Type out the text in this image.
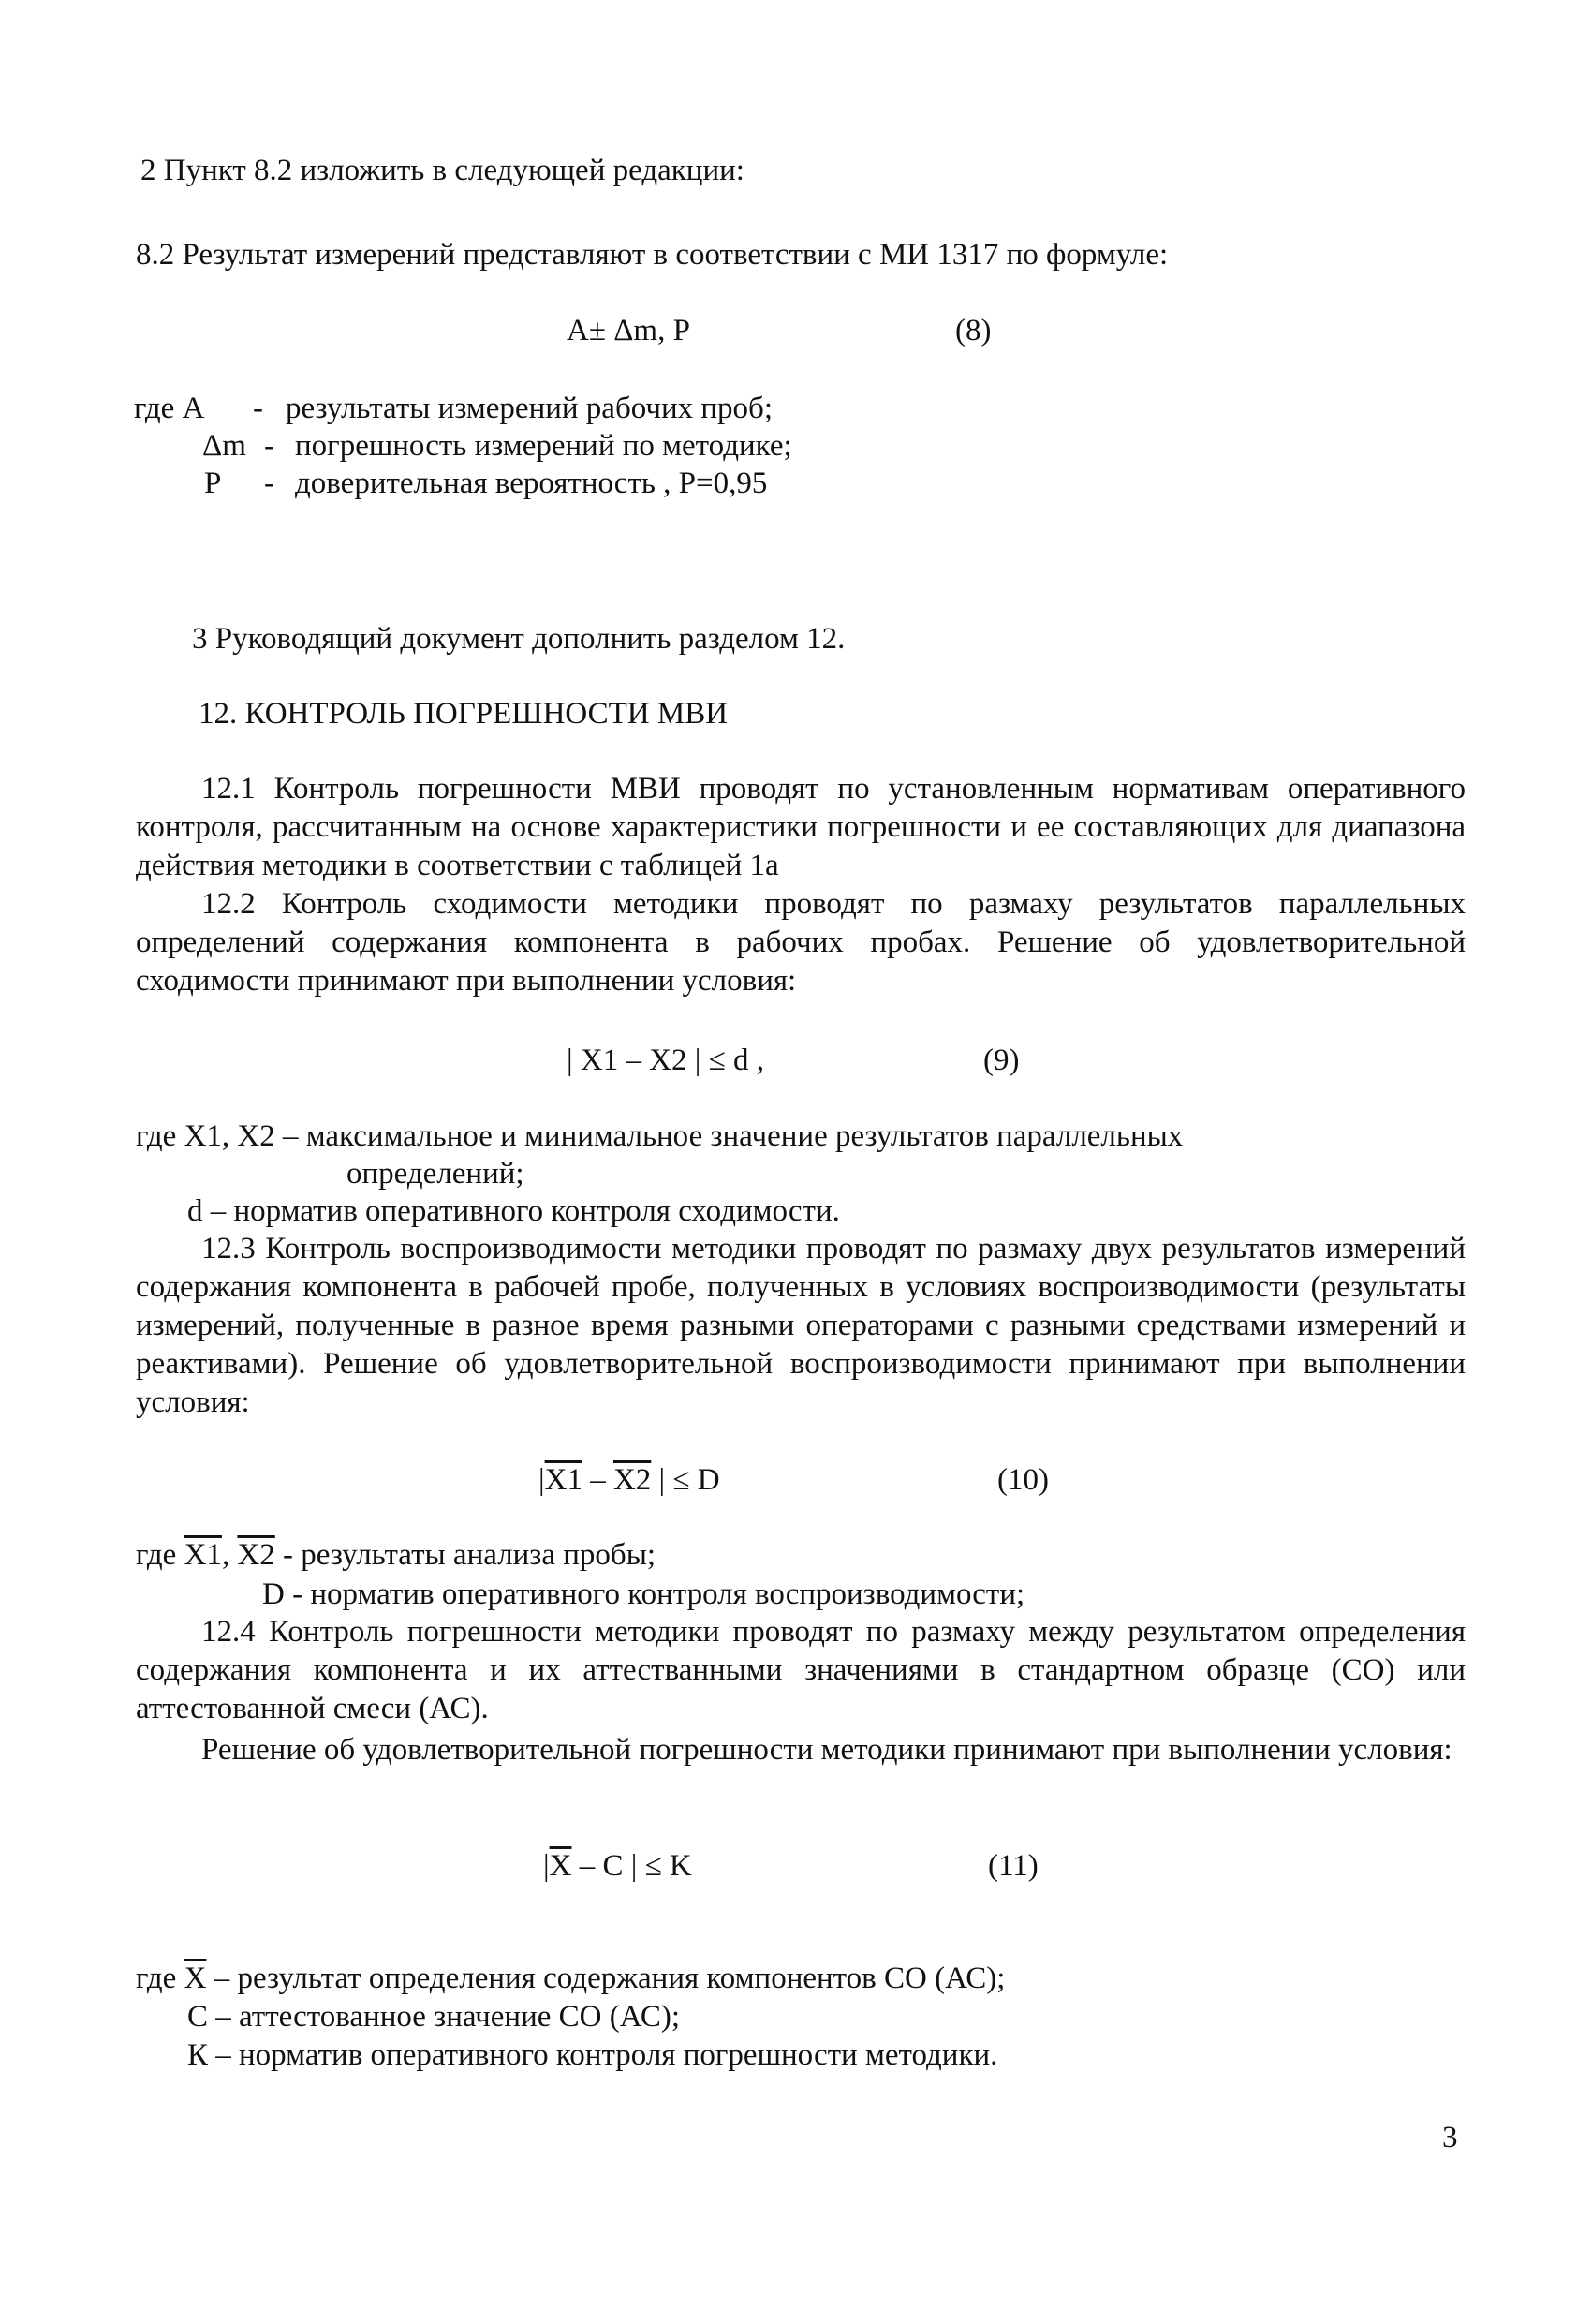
2 Пункт 8.2 изложить в следующей редакции:
8.2 Результат измерений представляют в соответствии с МИ 1317 по формуле:
А± Δm, Р	(8)
где А - результаты измерений рабочих проб;
Δm - погрешность измерений по методике;
Р - доверительная вероятность , Р=0,95
3 Руководящий документ дополнить разделом 12.
12. КОНТРОЛЬ ПОГРЕШНОСТИ МВИ
12.1 Контроль погрешности МВИ проводят по установленным нормативам оперативного контроля, рассчитанным на основе характеристики погрешности и ее составляющих для диапазона действия методики в соответствии с таблицей 1а
12.2 Контроль сходимости методики проводят по размаху результатов параллельных определений содержания компонента в рабочих пробах. Решение об удовлетворительной сходимости принимают при выполнении условия:
| X1 – X2 | ≤ d ,	(9)
где X1, X2 – максимальное и минимальное значение результатов параллельных
определений;
d – норматив оперативного контроля сходимости.
12.3 Контроль воспроизводимости методики проводят по размаху двух результатов измерений содержания компонента в рабочей пробе, полученных в условиях воспроизводимости (результаты измерений, полученные в разное время разными операторами с разными средствами измерений и реактивами). Решение об удовлетворительной воспроизводимости принимают при выполнении условия:
|X1 – X2 | ≤ D	(10)
где X1, X2 - результаты анализа пробы;
D - норматив оперативного контроля воспроизводимости;
12.4 Контроль погрешности методики проводят по размаху между результатом определения содержания компонента и их аттестванными значениями в стандартном образце (СО) или аттестованной смеси (АС).
Решение об удовлетворительной погрешности методики принимают при выполнении условия:
$|\overline{X}$ – C | ≤ K	(11)
где $\overline{X}$ – результат определения содержания компонентов СО (АС);
С – аттестованное значение СО (АС);
К – норматив оперативного контроля погрешности методики.
3
